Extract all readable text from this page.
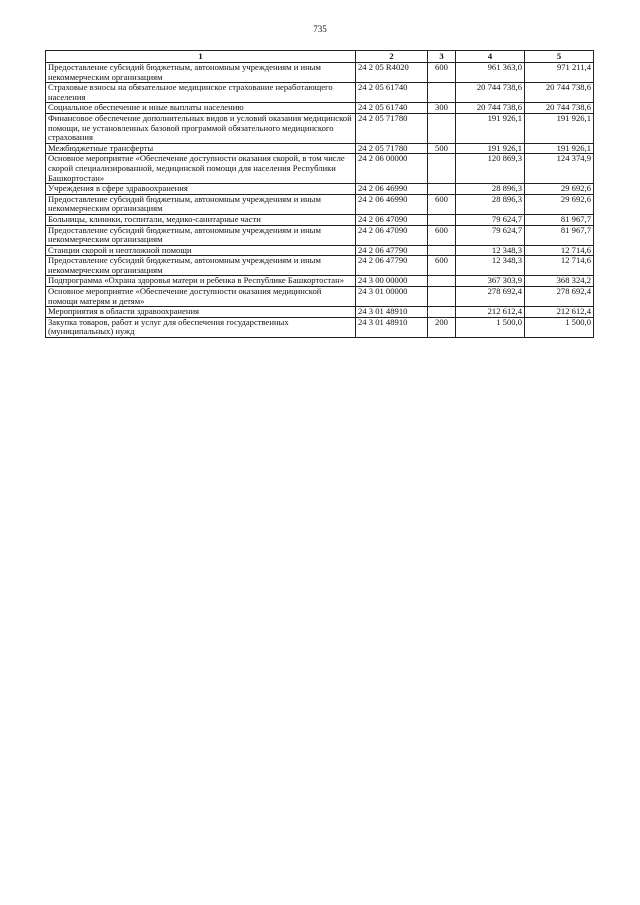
735
1	2	3	4	5
Предоставление субсидий бюджетным, автономным учреждениям и иным некоммерческим организациям	24 2 05 R4020	600	961 363,0	971 211,4
Страховые взносы на обязательное медицинское страхование неработающего населения	24 2 05 61740		20 744 738,6	20 744 738,6
Социальное обеспечение и иные выплаты населению	24 2 05 61740	300	20 744 738,6	20 744 738,6
Финансовое обеспечение дополнительных видов и условий оказания медицинской помощи, не установленных базовой программой обязательного медицинского страхования	24 2 05 71780		191 926,1	191 926,1
Межбюджетные трансферты	24 2 05 71780	500	191 926,1	191 926,1
Основное мероприятие «Обеспечение доступности оказания скорой, в том числе скорой специализированной, медицинской помощи для населения Республики Башкортостан»	24 2 06 00000		120 869,3	124 374,9
Учреждения в сфере здравоохранения	24 2 06 46990		28 896,3	29 692,6
Предоставление субсидий бюджетным, автономным учреждениям и иным некоммерческим организациям	24 2 06 46990	600	28 896,3	29 692,6
Больницы, клиники, госпитали, медико-санитарные части	24 2 06 47090		79 624,7	81 967,7
Предоставление субсидий бюджетным, автономным учреждениям и иным некоммерческим организациям	24 2 06 47090	600	79 624,7	81 967,7
Станции скорой и неотложной помощи	24 2 06 47790		12 348,3	12 714,6
Предоставление субсидий бюджетным, автономным учреждениям и иным некоммерческим организациям	24 2 06 47790	600	12 348,3	12 714,6
Подпрограмма «Охрана здоровья матери и ребенка в Республике Башкортостан»	24 3 00 00000		367 303,9	368 324,2
Основное мероприятие «Обеспечение доступности оказания медицинской помощи матерям и детям»	24 3 01 00000		278 692,4	278 692,4
Мероприятия в области здравоохранения	24 3 01 48910		212 612,4	212 612,4
Закупка товаров, работ и услуг для обеспечения государственных (муниципальных) нужд	24 3 01 48910	200	1 500,0	1 500,0
